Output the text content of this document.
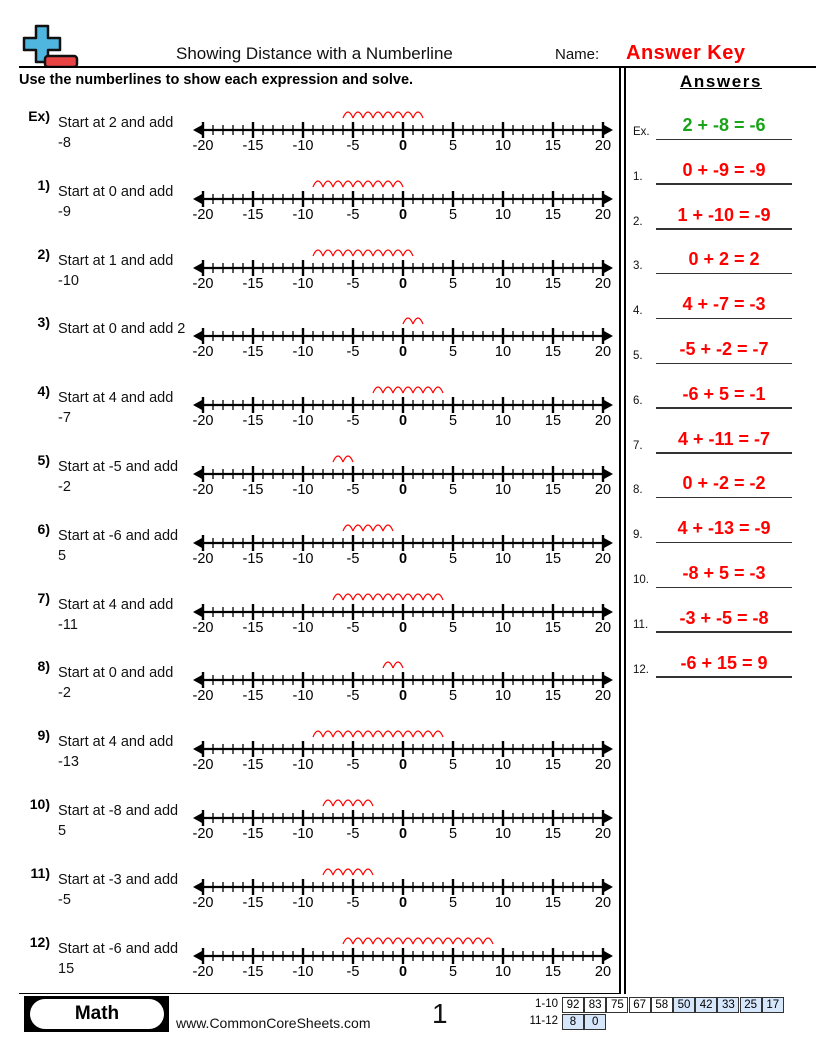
Showing Distance with a Numberline	Name: Answer Key
Use the numberlines to show each expression and solve.	Answers
Ex) Start at 2 and add -8	-20 -15 -10 -5	0	5	10 15 20
1) Start at 0 and add -9	-20 -15 -10 -5	0	5	10 15 20
2) Start at 1 and add -10	-20 -15 -10 -5	0	5	10 15 20
3) Start at 0 and add 2
-20 -15 -10 -5	0	5	10 15 20
4) Start at 4 and add -7	-20 -15 -10 -5	0	5	10 15 20
5) Start at -5 and add -2	-20 -15 -10 -5	0	5	10 15 20
6) Start at -6 and add 5	-20 -15 -10 -5	0	5	10 15 20
7) Start at 4 and add -11	-20 -15 -10 -5	0	5	10 15 20
8) Start at 0 and add -2	-20 -15 -10 -5	0	5	10 15 20
9) Start at 4 and add -13	-20 -15 -10 -5	0	5	10 15 20
10) Start at -8 and add 5	-20 -15 -10 -5	0	5	10 15 20
11) Start at -3 and add -5	-20 -15 -10 -5	0	5	10 15 20
12) Start at -6 and add 15	-20 -15 -10 -5	0	5	10 15 20
Ex.	2 + -8 = -6
1.	0 + -9 = -9
2.	1 + -10 = -9
3.	0 + 2 = 2
4.	4 + -7 = -3
5.	-5 + -2 = -7
6.	-6 + 5 = -1
7.	4 + -11 = -7
8.	0 + -2 = -2
9.	4 + -13 = -9
10.	-8 + 5 = -3
11.	-3 + -5 = -8
12.	-6 + 15 = 9
Math	www.CommonCoreSheets.com 1	1-10 92 83 75 67 58 50 42 33 25 17
11-12	8	0
